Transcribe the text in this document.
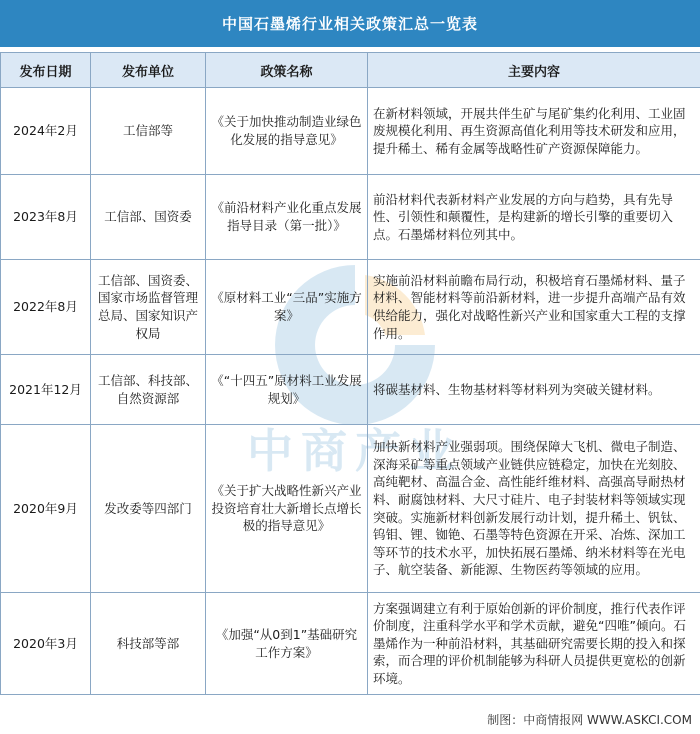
中国石墨烯行业相关政策汇总一览表
中商产业
发布日期	发布单位	政策名称	主要内容
2024年2月	工信部等	《关于加快推动制造业绿色化发展的指导意见》	在新材料领域，开展共伴生矿与尾矿集约化利用、工业固废规模化利用、再生资源高值化利用等技术研发和应用，提升稀土、稀有金属等战略性矿产资源保障能力。
2023年8月	工信部、国资委	《前沿材料产业化重点发展指导目录（第一批）》	前沿材料代表新材料产业发展的方向与趋势，具有先导性、引领性和颠覆性，是构建新的增长引擎的重要切入点。石墨烯材料位列其中。
2022年8月	工信部、国资委、国家市场监督管理总局、国家知识产权局	《原材料工业“三品”实施方案》	实施前沿材料前瞻布局行动，积极培育石墨烯材料、量子材料、智能材料等前沿新材料，进一步提升高端产品有效供给能力，强化对战略性新兴产业和国家重大工程的支撑作用。
2021年12月	工信部、科技部、自然资源部	《“十四五”原材料工业发展规划》	将碳基材料、生物基材料等材料列为突破关键材料。
2020年9月	发改委等四部门	《关于扩大战略性新兴产业投资培育壮大新增长点增长极的指导意见》	加快新材料产业强弱项。围绕保障大飞机、微电子制造、深海采矿等重点领域产业链供应链稳定，加快在光刻胶、高纯靶材、高温合金、高性能纤维材料、高强高导耐热材料、耐腐蚀材料、大尺寸硅片、电子封装材料等领域实现突破。实施新材料创新发展行动计划，提升稀土、钒钛、钨钼、锂、铷铯、石墨等特色资源在开采、冶炼、深加工等环节的技术水平，加快拓展石墨烯、纳米材料等在光电子、航空装备、新能源、生物医药等领域的应用。
2020年3月	科技部等部	《加强“从0到1”基础研究工作方案》	方案强调建立有利于原始创新的评价制度，推行代表作评价制度，注重科学水平和学术贡献，避免“四唯”倾向。石墨烯作为一种前沿材料，其基础研究需要长期的投入和探索，而合理的评价机制能够为科研人员提供更宽松的创新环境。
制图：中商情报网 WWW.ASKCI.COM
